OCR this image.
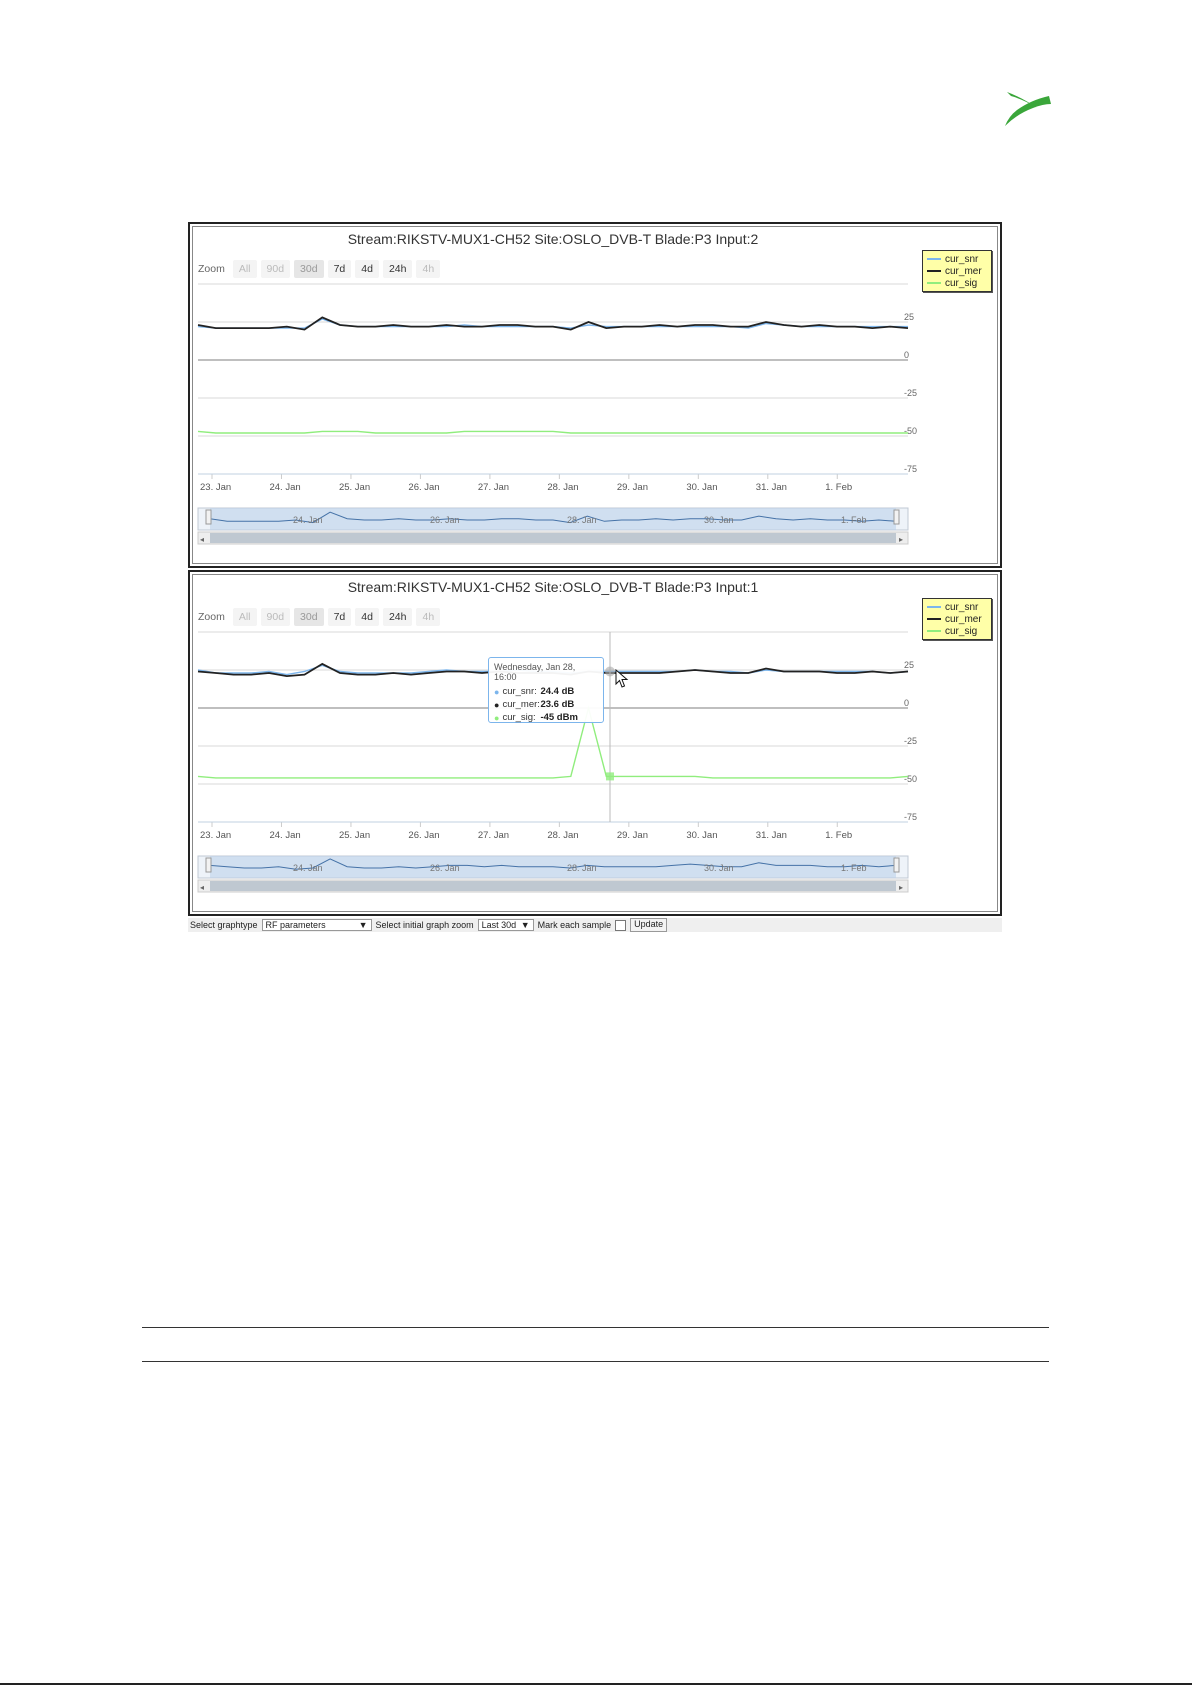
Stream:RIKSTV-MUX1-CH52 Site:OSLO_DVB-T Blade:P3 Input:2
Zoom	All	90d	30d	7d	4d	24h	4h
25
0
-25
-50
-75
23. Jan	24. Jan	25. Jan	26. Jan	27. Jan	28. Jan	29. Jan	30. Jan	31. Jan	1. Feb
24. Jan	26. Jan	28. Jan	30. Jan	1. Feb
◂	▸
cur_snr
cur_mer
cur_sig
Stream:RIKSTV-MUX1-CH52 Site:OSLO_DVB-T Blade:P3 Input:1
Zoom	All	90d	30d	7d	4d	24h	4h
25
0
-25
-50
-75
23. Jan	24. Jan	25. Jan	26. Jan	27. Jan	28. Jan	29. Jan	30. Jan	31. Jan	1. Feb
24. Jan	26. Jan	28. Jan	30. Jan	1. Feb
◂	▸
cur_snr
cur_mer
cur_sig
Wednesday, Jan 28, 16:00
● cur_snr: 24.4 dB
● cur_mer: 23.6 dB
● cur_sig: -45 dBm
Select graphtype RF parameters	▼ Select initial graph zoom Last 30d ▼ Mark each sample	Update
